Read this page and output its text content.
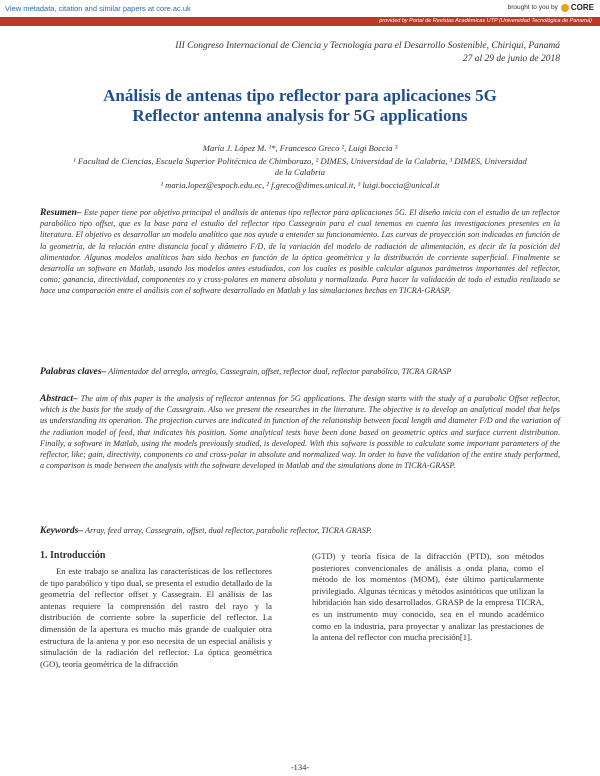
View metadata, citation and similar papers at core.ac.uk	brought to you by CORE
provided by Portal de Revistas Académicas UTP (Universidad Tecnológica de Panamá)
III Congreso Internacional de Ciencia y Tecnología para el Desarrollo Sostenible, Chiriquí, Panamá
27 al 29 de junio de 2018
Análisis de antenas tipo reflector para aplicaciones 5G
Reflector antenna analysis for 5G applications
María J. López M. ¹*, Francesco Greco ², Luigi Boccia ³
¹ Facultad de Ciencias, Escuela Superior Politécnica de Chimborazo, ² DIMES, Universidad de la Calabria, ³ DIMES, Universidad
de la Calabria
¹ maria.lopez@espoch.edu.ec, ² f.greco@dimes.unical.it, ³ luigi.boccia@unical.it
Resumen– Este paper tiene por objetivo principal el análisis de antenas tipo reflector para aplicaciones 5G. El diseño inicia con el estudio de un reflector parabólico tipo offset, que es la base para el estudio del reflector tipo Cassegrain para el cual tenemos en cuenta las investigaciones presentes en la literatura. El objetivo es desarrollar un modelo analítico que nos ayude a entender su funcionamiento. Las curvas de proyección son indicadas en función de la geometría, de la relación entre distancia focal y diámetro F/D, de la variación del modelo de radiación de alimentación, es decir de la posición del alimentador. Algunos modelos analíticos han sido hechos en función de la óptica geométrica y la distribución de corriente superficial. Finalmente se desarrolla un software en Matlab, usando los modelos antes estudiados, con los cuales es posible calcular algunos parámetros importantes del reflector, como; ganancia, directividad, componentes co y cross-polares en manera absoluta y normalizada. Para hacer la validación de todo el estudio realizado se hace una comparación entre el análisis con el software desarrollado en Matlab y las simulaciones hechas en TICRA-GRASP.
Palabras claves– Alimentador del arreglo, arreglo, Cassegrain, offset, reflector dual, reflector parabólico, TICRA GRASP
Abstract– The aim of this paper is the analysis of reflector antennas for 5G applications. The design starts with the study of a parabolic Offset reflector, which is the basis for the study of the Cassegrain. Also we present the researches in the literature. The objective is to develop an analytical model that helps us understanding its operation. The projection curves are indicated in function of the relationship between focal length and diameter F/D and the variation of the radiation model of feed, that indicates his position. Some analytical tests have been done based on geometric optics and surface current distribution. Finally, a software in Matlab, using the models previously studied, is developed. With this sofware is possible to calculate some important parameters of the reflector, like; gain, directivity, components co and cross-polar in absolute and normalized way. In order to have the validation of the entire study performed, a comparison is made between the analysis with the software developed in Matlab and the simulations done in TICRA-GRASP.
Keywords– Array, feed array, Cassegrain, offset, dual reflector, parabolic reflector, TICRA GRASP.
1. Introducción
En este trabajo se analiza las características de los reflectores de tipo parabólico y tipo dual, se presenta el estudio detallado de la geometría del reflector offset y Cassegrain. El análisis de las antenas requiere la comprensión del rastro del rayo y la distribución de corriente sobre la superficie del reflector. La dimensión de la apertura es mucho más grande de cualquier otra estructura de la antena y por eso necesita de un especial análisis y simulación de la radiación del reflector. La óptica geométrica (GO), teoría geométrica de la difracción
(GTD) y teoría física de la difracción (PTD), son métodos posteriores convencionales de análisis a onda plana, como el método de los momentos (MOM), éste último particularmente privilegiado. Algunas técnicas y métodos asintóticos que utilizan la hibridación han sido desarrollados. GRASP de la empresa TICRA, es un instrumento muy conocido, sea en el mundo académico como en la industria, para proyectar y analizar las prestaciones de la antena del reflector con mucha precisión[1].
-134-
